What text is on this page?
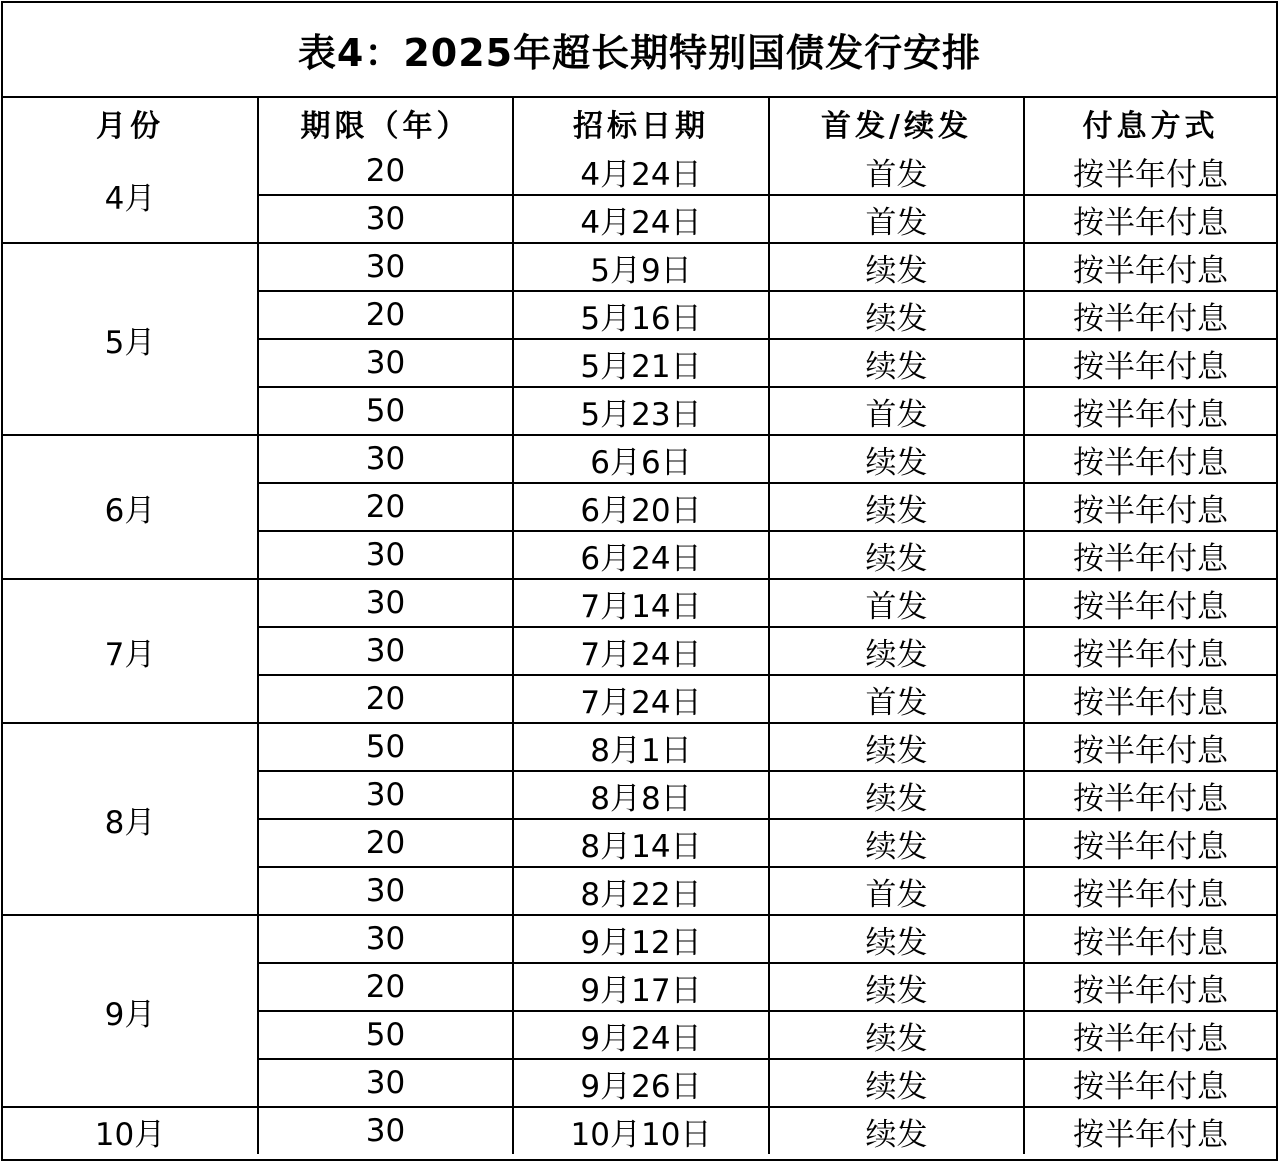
表4：2025年超长期特别国债发行安排
月份	期限（年）	招标日期	首发/续发	付息方式
4月	20	4月24日	首发	按半年付息
	30	4月24日	首发	按半年付息
5月	30	5月9日	续发	按半年付息
	20	5月16日	续发	按半年付息
	30	5月21日	续发	按半年付息
	50	5月23日	首发	按半年付息
6月	30	6月6日	续发	按半年付息
	20	6月20日	续发	按半年付息
	30	6月24日	续发	按半年付息
7月	30	7月14日	首发	按半年付息
	30	7月24日	续发	按半年付息
	20	7月24日	首发	按半年付息
8月	50	8月1日	续发	按半年付息
	30	8月8日	续发	按半年付息
	20	8月14日	续发	按半年付息
	30	8月22日	首发	按半年付息
9月	30	9月12日	续发	按半年付息
	20	9月17日	续发	按半年付息
	50	9月24日	续发	按半年付息
	30	9月26日	续发	按半年付息
10月	30	10月10日	续发	按半年付息
